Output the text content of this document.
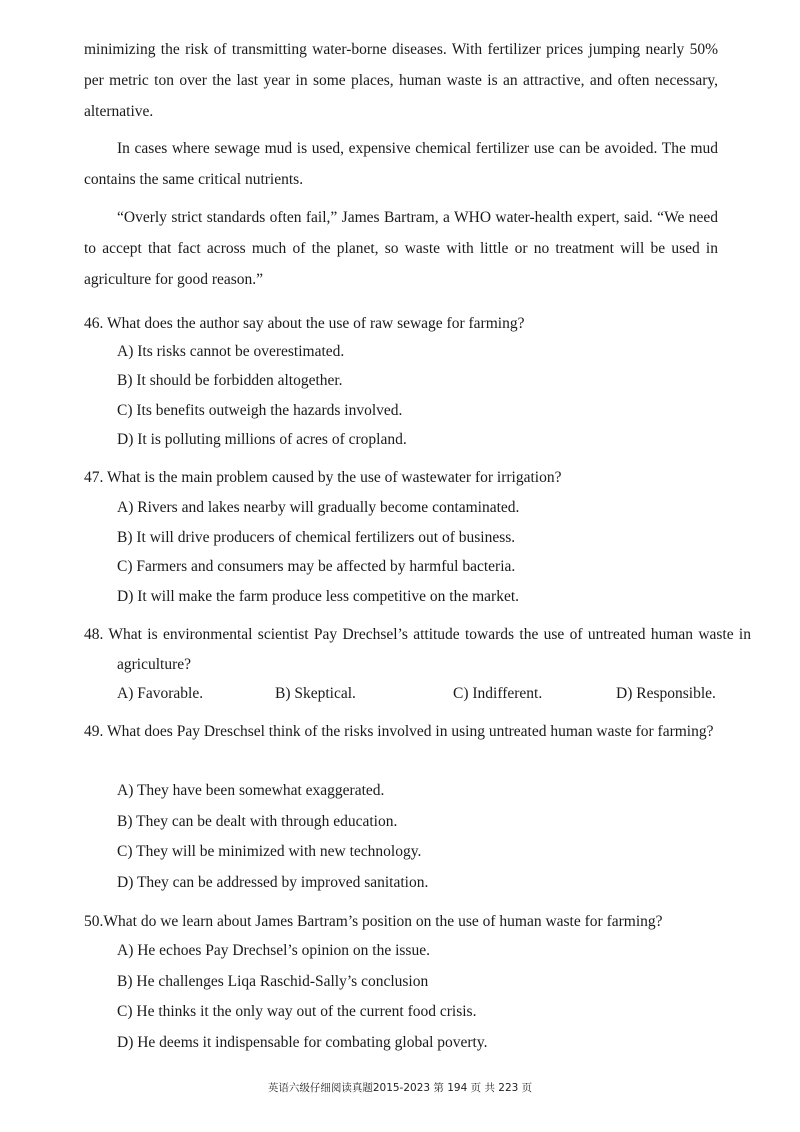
minimizing the risk of transmitting water-borne diseases. With fertilizer prices jumping nearly 50% per metric ton over the last year in some places, human waste is an attractive, and often necessary, alternative.

In cases where sewage mud is used, expensive chemical fertilizer use can be avoided. The mud contains the same critical nutrients.

“Overly strict standards often fail,” James Bartram, a WHO water-health expert, said. “We need to accept that fact across much of the planet, so waste with little or no treatment will be used in agriculture for good reason.”

46. What does the author say about the use of raw sewage for farming?

A) Its risks cannot be overestimated.

B) It should be forbidden altogether.

C) Its benefits outweigh the hazards involved.

D) It is polluting millions of acres of cropland.

47. What is the main problem caused by the use of wastewater for irrigation?

A) Rivers and lakes nearby will gradually become contaminated.

B) It will drive producers of chemical fertilizers out of business.

C) Farmers and consumers may be affected by harmful bacteria.

D) It will make the farm produce less competitive on the market.

48. What is environmental scientist Pay Drechsel’s attitude towards the use of untreated human waste in agriculture?

A) Favorable.	B) Skeptical.	C) Indifferent.	D) Responsible.

49. What does Pay Dreschsel think of the risks involved in using untreated human waste for farming?

A) They have been somewhat exaggerated.

B) They can be dealt with through education.

C) They will be minimized with new technology.

D) They can be addressed by improved sanitation.

50.What do we learn about James Bartram’s position on the use of human waste for farming?

A) He echoes Pay Drechsel’s opinion on the issue.

B) He challenges Liqa Raschid-Sally’s conclusion

C) He thinks it the only way out of the current food crisis.

D) He deems it indispensable for combating global poverty.

英语六级仔细阅读真题2015-2023 第 194 页 共 223 页
